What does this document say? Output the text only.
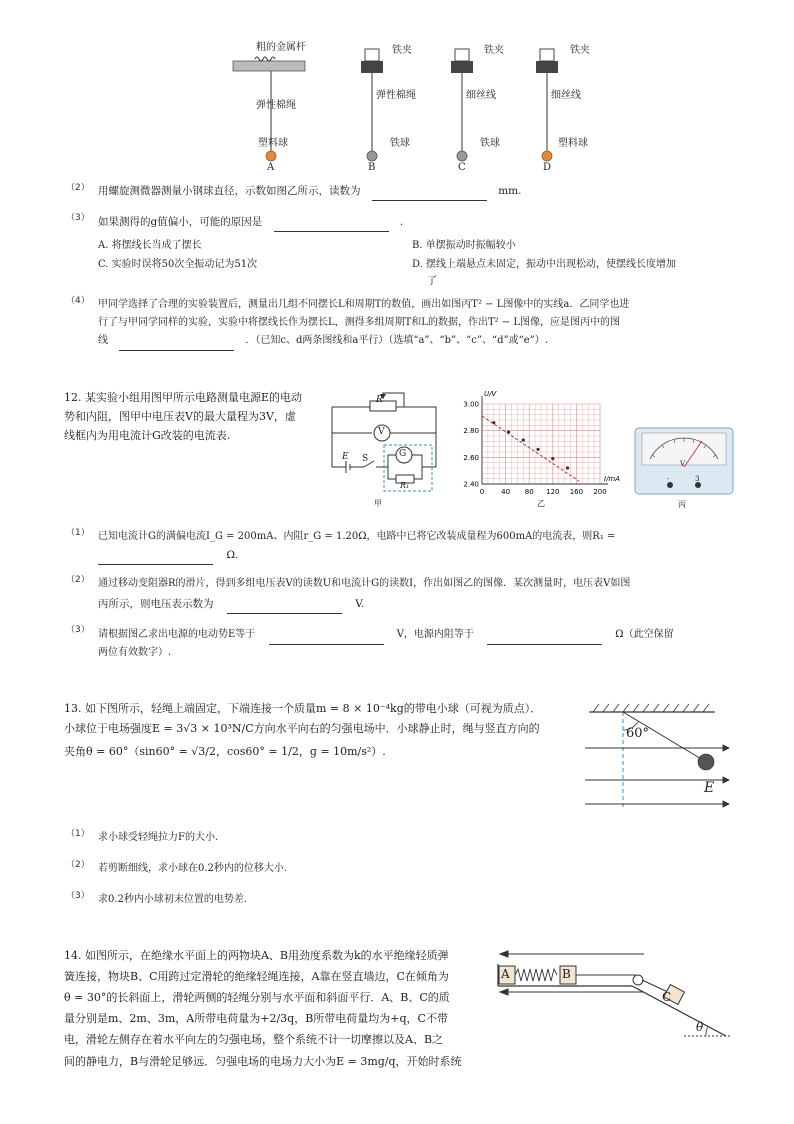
粗的金属杆
弹性棉绳
塑料球
铁夹
弹性棉绳
铁球
铁夹
细丝线
铁球
铁夹
细丝线
塑料球
A	B	C	D
（2） 用螺旋测微器测量小钢球直径，示数如图乙所示，读数为	mm.
（3） 如果测得的g值偏小，可能的原因是	.
A. 将摆线长当成了摆长	B. 单摆振动时振幅较小
C. 实验时误将50次全振动记为51次	D. 摆线上端悬点未固定，振动中出现松动，使摆线长度增加
了
（4） 甲同学选择了合理的实验装置后，测量出几组不同摆长L和周期T的数值，画出如图丙T² − L图像中的实线a．乙同学也进
行了与甲同学同样的实验，实验中将摆线长作为摆长L，测得多组周期T和L的数据，作出T² − L图像，应是图丙中的图
线	．（已知c、d两条图线和a平行）（选填“a”、“b”、“c”、“d”或“e”）.
12. 某实验小组用图甲所示电路测量电源E的电动
势和内阻，图甲中电压表V的最大量程为3V，虚
线框内为用电流计G改装的电流表.
R
V
E S	G
R₁
甲
0 40 80 120 160 200
2.40
2.60
2.80
3.00
I/mA
U/V
乙
V
-	3
丙
（1） 已知电流计G的满偏电流I_G = 200mA、内阻r_G = 1.20Ω，电路中已将它改装成量程为600mA的电流表，则R₁ =
Ω.
（2） 通过移动变阻器R的滑片，得到多组电压表V的读数U和电流计G的读数I，作出如图乙的图像．某次测量时，电压表V如图
丙所示，则电压表示数为	V.
（3） 请根据图乙求出电源的电动势E等于	V，电源内阻等于	Ω（此空保留
两位有效数字）.
13. 如下图所示，轻绳上端固定，下端连接一个质量m = 8 × 10⁻⁴kg的带电小球（可视为质点）．
小球位于电场强度E = 3√3 × 10³N/C方向水平向右的匀强电场中．小球静止时，绳与竖直方向的
夹角θ = 60°（sin60° = √3/2，cos60° = 1/2，g = 10m/s²）.
60°
E
（1） 求小球受轻绳拉力F的大小.
（2） 若剪断细线，求小球在0.2秒内的位移大小.
（3） 求0.2秒内小球初末位置的电势差.
14. 如图所示，在绝缘水平面上的两物块A、B用劲度系数为k的水平绝缘轻质弹
簧连接，物块B、C用跨过定滑轮的绝缘轻绳连接，A靠在竖直墙边，C在倾角为
θ = 30°的长斜面上，滑轮两侧的轻绳分别与水平面和斜面平行．A、B、C的质
量分别是m、2m、3m，A所带电荷量为+2/3q，B所带电荷量均为+q，C不带
电，滑轮左侧存在着水平向左的匀强电场，整个系统不计一切摩擦以及A、B之
间的静电力，B与滑轮足够远．匀强电场的电场力大小为E = 3mg/q，开始时系统
A	B
C
θ
